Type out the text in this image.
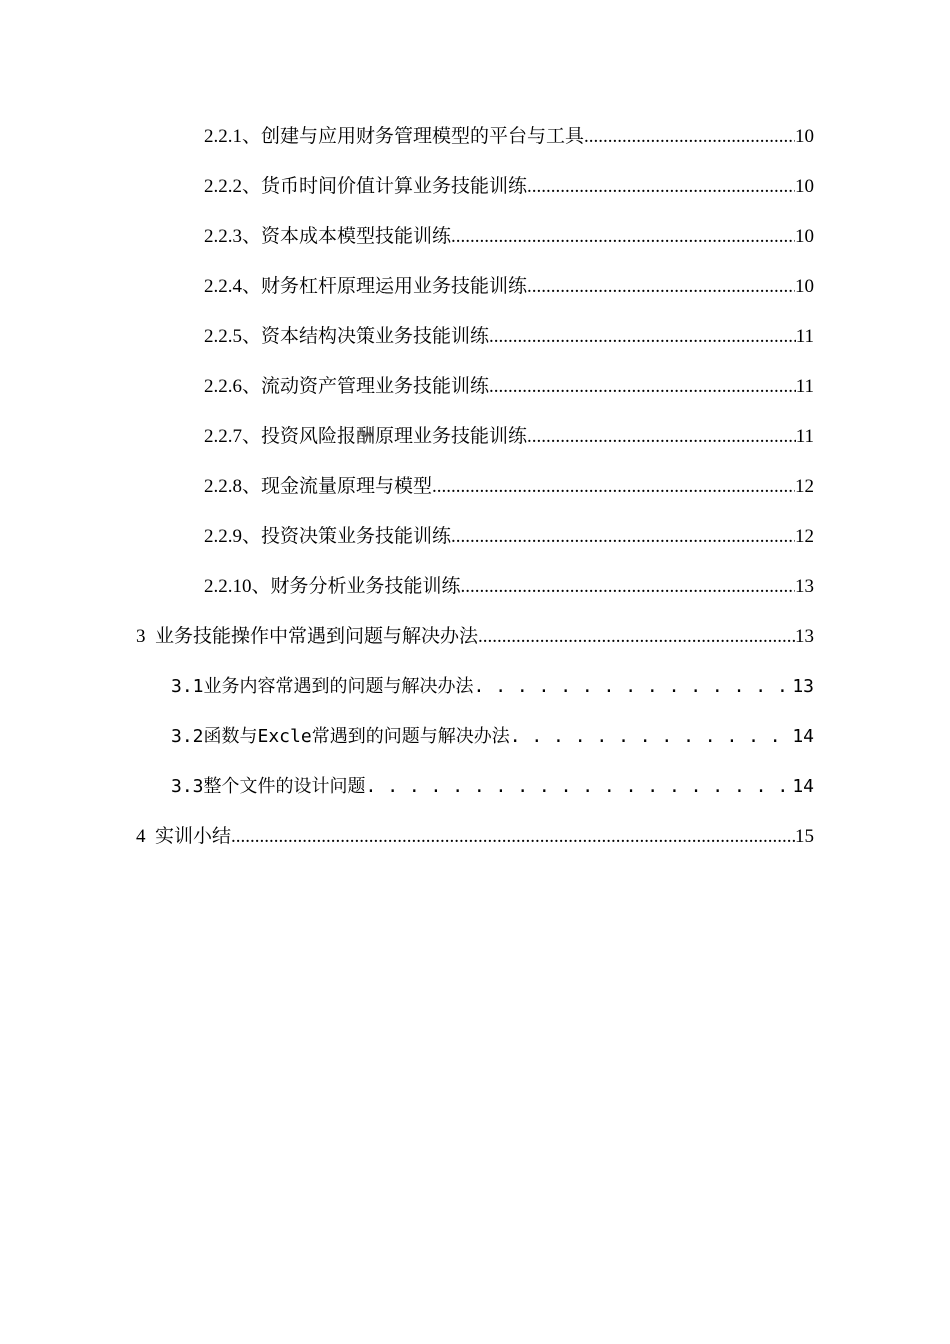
2.2.1、创建与应用财务管理模型的平台与工具 .....	10
2.2.2、货币时间价值计算业务技能训练 .....	10
2.2.3、资本成本模型技能训练 .....	10
2.2.4、财务杠杆原理运用业务技能训练 .....	10
2.2.5、资本结构决策业务技能训练 .....	11
2.2.6、流动资产管理业务技能训练 .....	11
2.2.7、投资风险报酬原理业务技能训练 .....	11
2.2.8、现金流量原理与模型 .....	12
2.2.9、投资决策业务技能训练 .....	12
2.2.10、财务分析业务技能训练 .....	13
3  业务技能操作中常遇到问题与解决办法 .....	13
3.1业务内容常遇到的问题与解决办法 . . .	13
3.2函数与Excle常遇到的问题与解决办法 . . .	14
3.3整个文件的设计问题 . . .	14
4  实训小结 .....	15
